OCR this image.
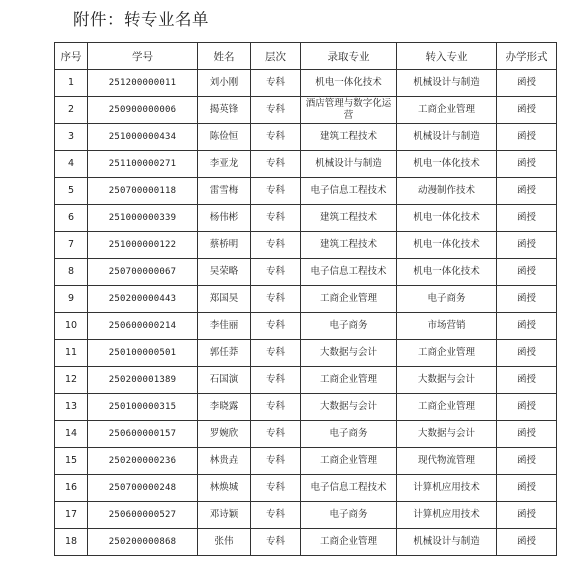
附件：转专业名单
序号	学号	姓名	层次	录取专业	转入专业	办学形式
1	251200000011	刘小刚	专科	机电一体化技术	机械设计与制造	函授
2	250900000006	揭英锋	专科	酒店管理与数字化运营	工商企业管理	函授
3	251000000434	陈俭恒	专科	建筑工程技术	机械设计与制造	函授
4	251100000271	李亚龙	专科	机械设计与制造	机电一体化技术	函授
5	250700000118	雷雪梅	专科	电子信息工程技术	动漫制作技术	函授
6	251000000339	杨伟彬	专科	建筑工程技术	机电一体化技术	函授
7	251000000122	蔡桥明	专科	建筑工程技术	机电一体化技术	函授
8	250700000067	吴荣略	专科	电子信息工程技术	机电一体化技术	函授
9	250200000443	郑国昊	专科	工商企业管理	电子商务	函授
10	250600000214	李佳丽	专科	电子商务	市场营销	函授
11	250100000501	郭任莽	专科	大数据与会计	工商企业管理	函授
12	250200001389	石国演	专科	工商企业管理	大数据与会计	函授
13	250100000315	李晓露	专科	大数据与会计	工商企业管理	函授
14	250600000157	罗婉欣	专科	电子商务	大数据与会计	函授
15	250200000236	林贵垚	专科	工商企业管理	现代物流管理	函授
16	250700000248	林焕城	专科	电子信息工程技术	计算机应用技术	函授
17	250600000527	邓诗颖	专科	电子商务	计算机应用技术	函授
18	250200000868	张伟	专科	工商企业管理	机械设计与制造	函授
